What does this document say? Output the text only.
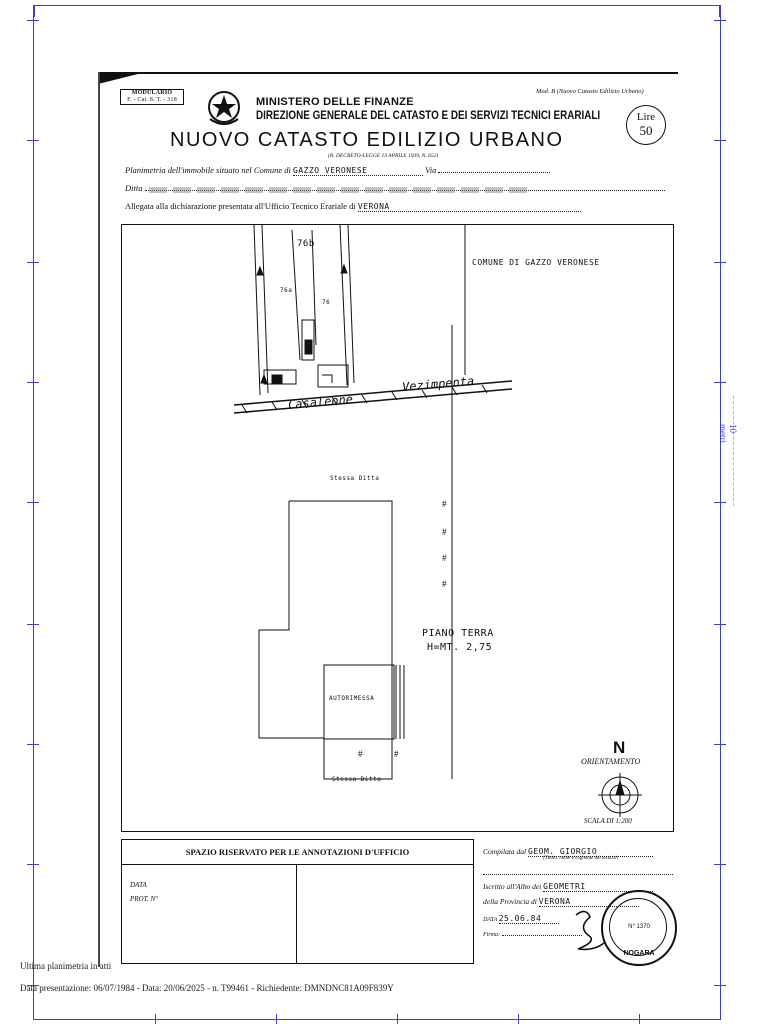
10 metri
MODULARIO
F. - Cat. S. T. - 318
Mod. B (Nuovo Catasto Edilizio Urbano)
MINISTERO DELLE FINANZE
DIREZIONE GENERALE DEL CATASTO E DEI SERVIZI TECNICI ERARIALI
NUOVO CATASTO EDILIZIO URBANO
(R. DECRETO-LEGGE 13 APRILE 1939, N. 652)
Lire
50
Planimetria dell'immobile situato nel Comune di GAZZO VERONESE	Via
Ditta
Allegata alla dichiarazione presentata all'Ufficio Tecnico Erariale di VERONA
#
#
#
#
#	#
COMUNE DI GAZZO VERONESE
76b
76a
76
Casaleone
Vezimpenta
Stessa Ditta
PIANO TERRA
H=MT. 2,75
AUTORIMESSA
Stessa Ditta
N
ORIENTAMENTO
SCALA DI 1:200
SPAZIO RISERVATO PER LE ANNOTAZIONI D'UFFICIO
DATA
PROT. N°
Compilata dal GEOM. GIORGIO
(Titolo, nome e cognome del tecnico)
Iscritto all'Albo dei GEOMETRI
della Provincia di VERONA
DATA 25.06.84
Firma:
N° 1370
NOGARA
Ultima planimetria in atti
Data presentazione: 06/07/1984 - Data: 20/06/2025 - n. T99461 - Richiedente: DMNDNC81A09F839Y
